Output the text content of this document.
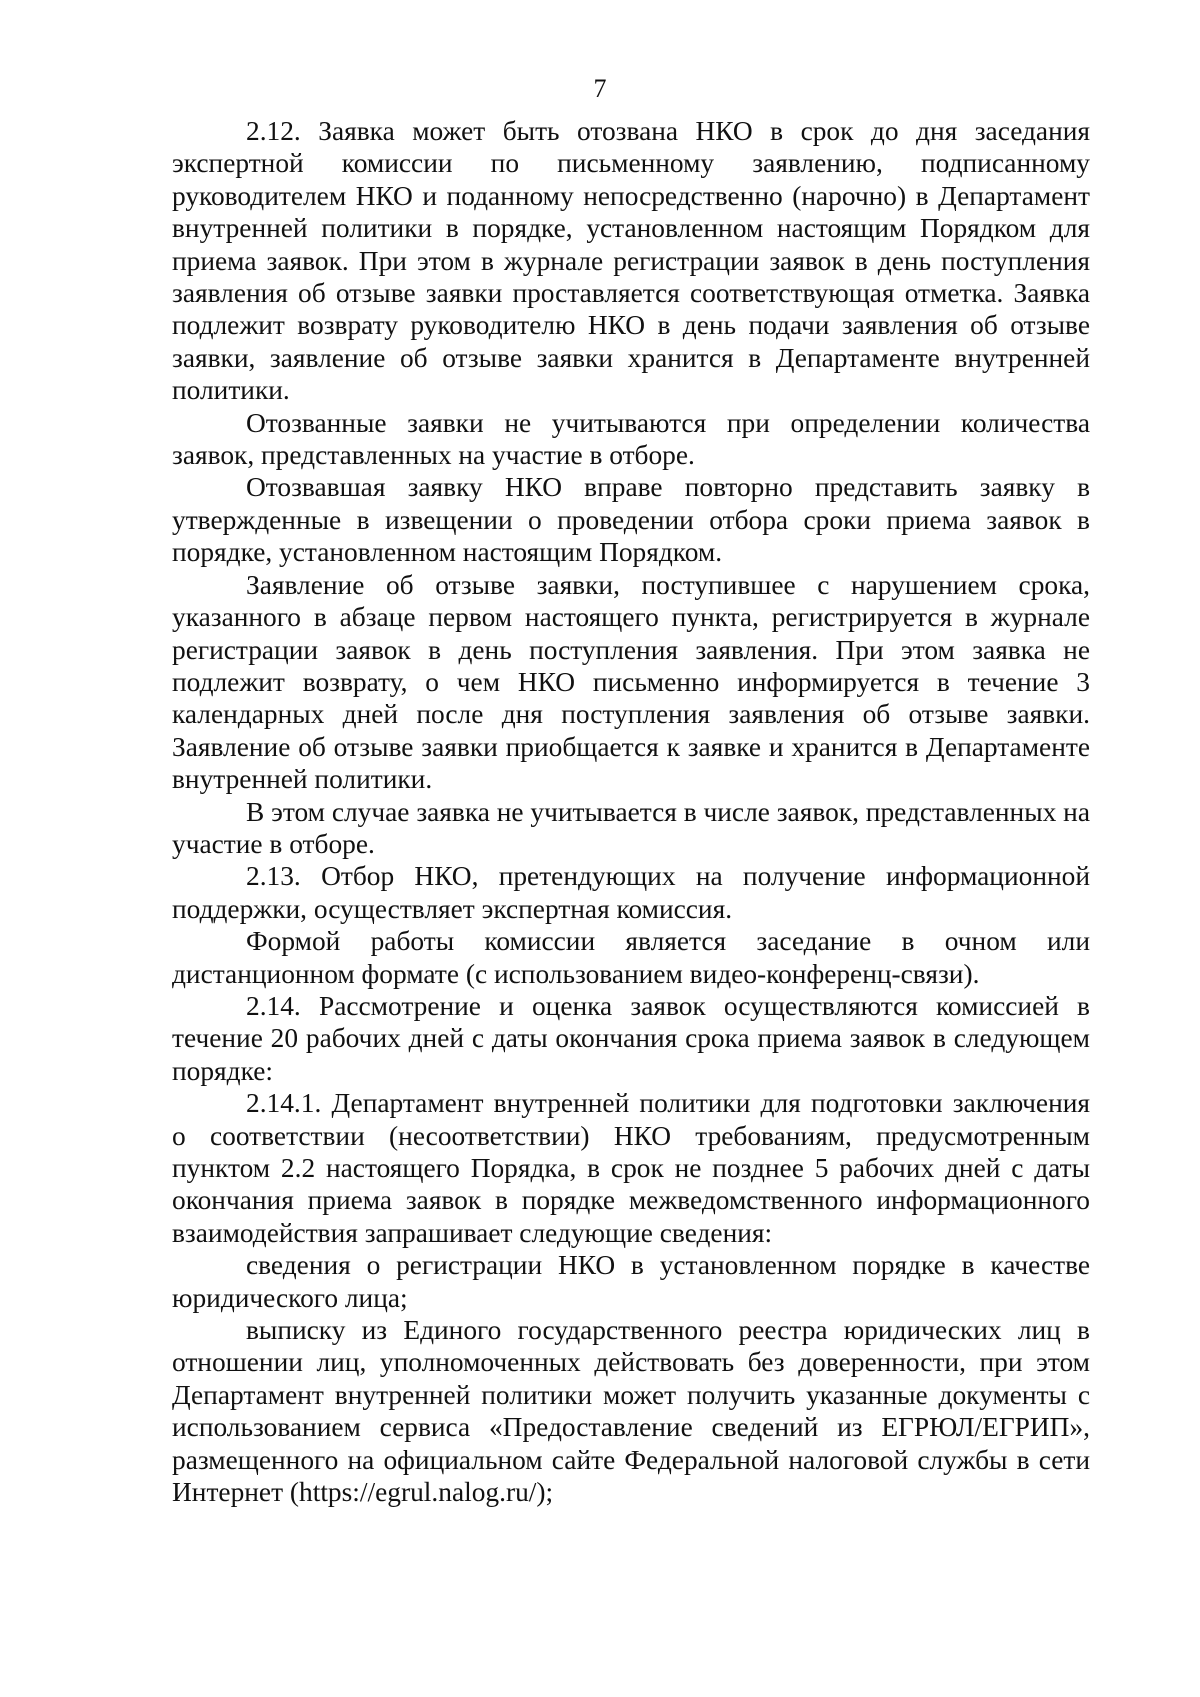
7

2.12. Заявка может быть отозвана НКО в срок до дня заседания экспертной комиссии по письменному заявлению, подписанному руководителем НКО и поданному непосредственно (нарочно) в Департамент внутренней политики в порядке, установленном настоящим Порядком для приема заявок. При этом в журнале регистрации заявок в день поступления заявления об отзыве заявки проставляется соответствующая отметка. Заявка подлежит возврату руководителю НКО в день подачи заявления об отзыве заявки, заявление об отзыве заявки хранится в Департаменте внутренней политики.

Отозванные заявки не учитываются при определении количества заявок, представленных на участие в отборе.

Отозвавшая заявку НКО вправе повторно представить заявку в утвержденные в извещении о проведении отбора сроки приема заявок в порядке, установленном настоящим Порядком.

Заявление об отзыве заявки, поступившее с нарушением срока, указанного в абзаце первом настоящего пункта, регистрируется в журнале регистрации заявок в день поступления заявления. При этом заявка не подлежит возврату, о чем НКО письменно информируется в течение 3 календарных дней после дня поступления заявления об отзыве заявки. Заявление об отзыве заявки приобщается к заявке и хранится в Департаменте внутренней политики.

В этом случае заявка не учитывается в числе заявок, представленных на участие в отборе.

2.13. Отбор НКО, претендующих на получение информационной поддержки, осуществляет экспертная комиссия.

Формой работы комиссии является заседание в очном или дистанционном формате (с использованием видео-конференц-связи).

2.14. Рассмотрение и оценка заявок осуществляются комиссией в течение 20 рабочих дней с даты окончания срока приема заявок в следующем порядке:

2.14.1. Департамент внутренней политики для подготовки заключения о соответствии (несоответствии) НКО требованиям, предусмотренным пунктом 2.2 настоящего Порядка, в срок не позднее 5 рабочих дней с даты окончания приема заявок в порядке межведомственного информационного взаимодействия запрашивает следующие сведения:

сведения о регистрации НКО в установленном порядке в качестве юридического лица;

выписку из Единого государственного реестра юридических лиц в отношении лиц, уполномоченных действовать без доверенности, при этом Департамент внутренней политики может получить указанные документы с использованием сервиса «Предоставление сведений из ЕГРЮЛ/ЕГРИП», размещенного на официальном сайте Федеральной налоговой службы в сети Интернет (https://egrul.nalog.ru/);
